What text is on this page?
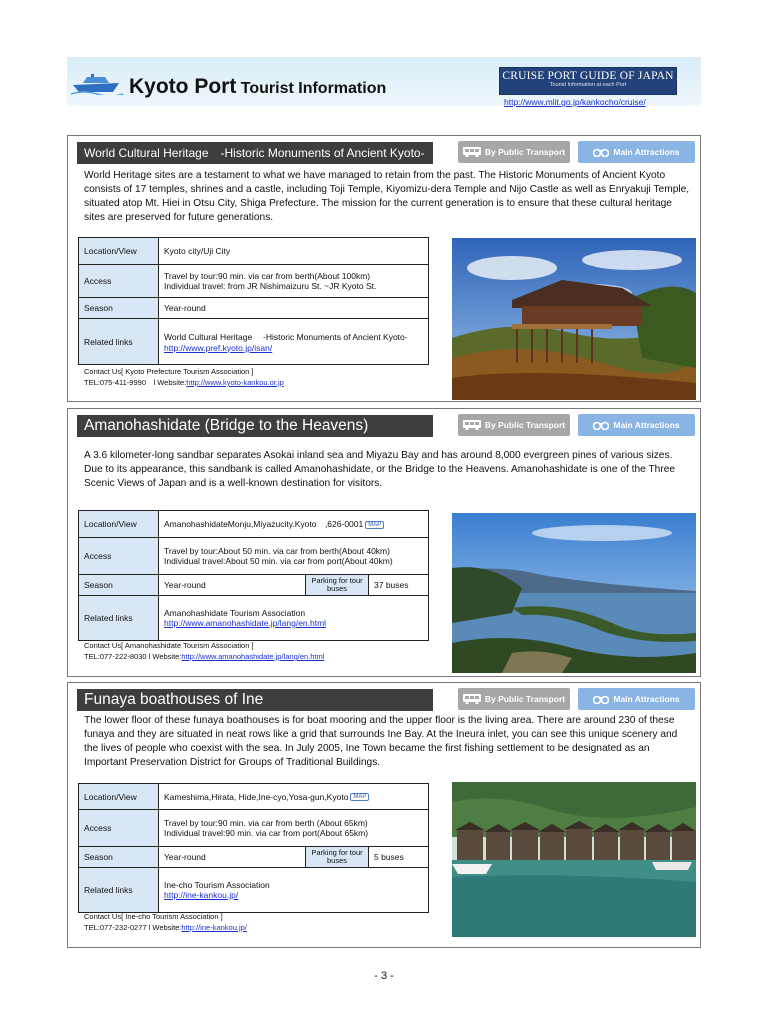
Kyoto Port Tourist Information
CRUISE PORT GUIDE OF JAPAN
Tourist Information at each Port
http://www.mlit.go.jp/kankocho/cruise/
World Cultural Heritage　-Historic Monuments of Ancient Kyoto-	By Public Transport	Main Attractions
World Heritage sites are a testament to what we have managed to retain from the past. The Historic Monuments of Ancient Kyoto consists of 17 temples, shrines and a castle, including Toji Temple, Kiyomizu-dera Temple and Nijo Castle as well as Enryakuji Temple, situated atop Mt. Hiei in Otsu City, Shiga Prefecture. The mission for the current generation is to ensure that these cultural heritage sites are preserved for future generations.
Location/View	Kyoto city/Uji City
Access	Travel by tour:90 min. via car from berth(About 100km)
Individual travel: from JR Nishimaizuru St. ~JR Kyoto St.

Season	Year-round
Related links	World Cultural Heritage　 -Historic Monuments of Ancient Kyoto-
http://www.pref.kyoto.jp/isan/
Contact Us[ Kyoto Prefecture Tourism Association ]
TEL:075-411-9990　l Website:http://www.kyoto-kankou.or.jp
Amanohashidate (Bridge to the Heavens)	By Public Transport	Main Attractions
A 3.6 kilometer-long sandbar separates Asokai inland sea and Miyazu Bay and has around 8,000 evergreen pines of various sizes. Due to its appearance, this sandbank is called Amanohashidate, or the Bridge to the Heavens. Amanohashidate is one of the Three Scenic Views of Japan and is a well-known destination for visitors.
Location/View	AmanohashidateMonju,Miyazucity.Kyoto　,626-0001 MAP		
Access	Travel by tour:About 50 min. via car from berth(About 40km)
Individual travel:About 50 min. via car from port(About 40km)		

Season	Year-round	Parking for tour buses	37 buses
Related links	Amanohashidate Tourism Association
http://www.amanohashidate.jp/lang/en.html		
Contact Us[ Amanohashidate Tourism Association ]
TEL:077-222-8030 l Website:http://www.amanohashidate.jp/lang/en.html
Funaya boathouses of Ine	By Public Transport	Main Attractions
The lower floor of these funaya boathouses is for boat mooring and the upper floor is the living area. There are around 230 of these funaya and they are situated in neat rows like a grid that surrounds Ine Bay. At the Ineura inlet, you can see this unique scenery and the lives of people who coexist with the sea. In July 2005, Ine Town became the first fishing settlement to be designated as an Important Preservation District for Groups of Traditional Buildings.
Location/View	Kameshima,Hirata, Hide,Ine-cyo,Yosa-gun,Kyoto MAP		
Access	Travel by tour:90 min. via car from berth (About 65km)
Individual travel:90 min. via car from port(About 65km)		

Season	Year-round	Parking for tour buses	5 buses
Related links	Ine-cho Tourism Association
http://ine-kankou.jp/		
Contact Us[ Ine-cho Tourism Association ]
TEL:077-232-0277 l Website:http://ine-kankou.jp/
- 3 -
